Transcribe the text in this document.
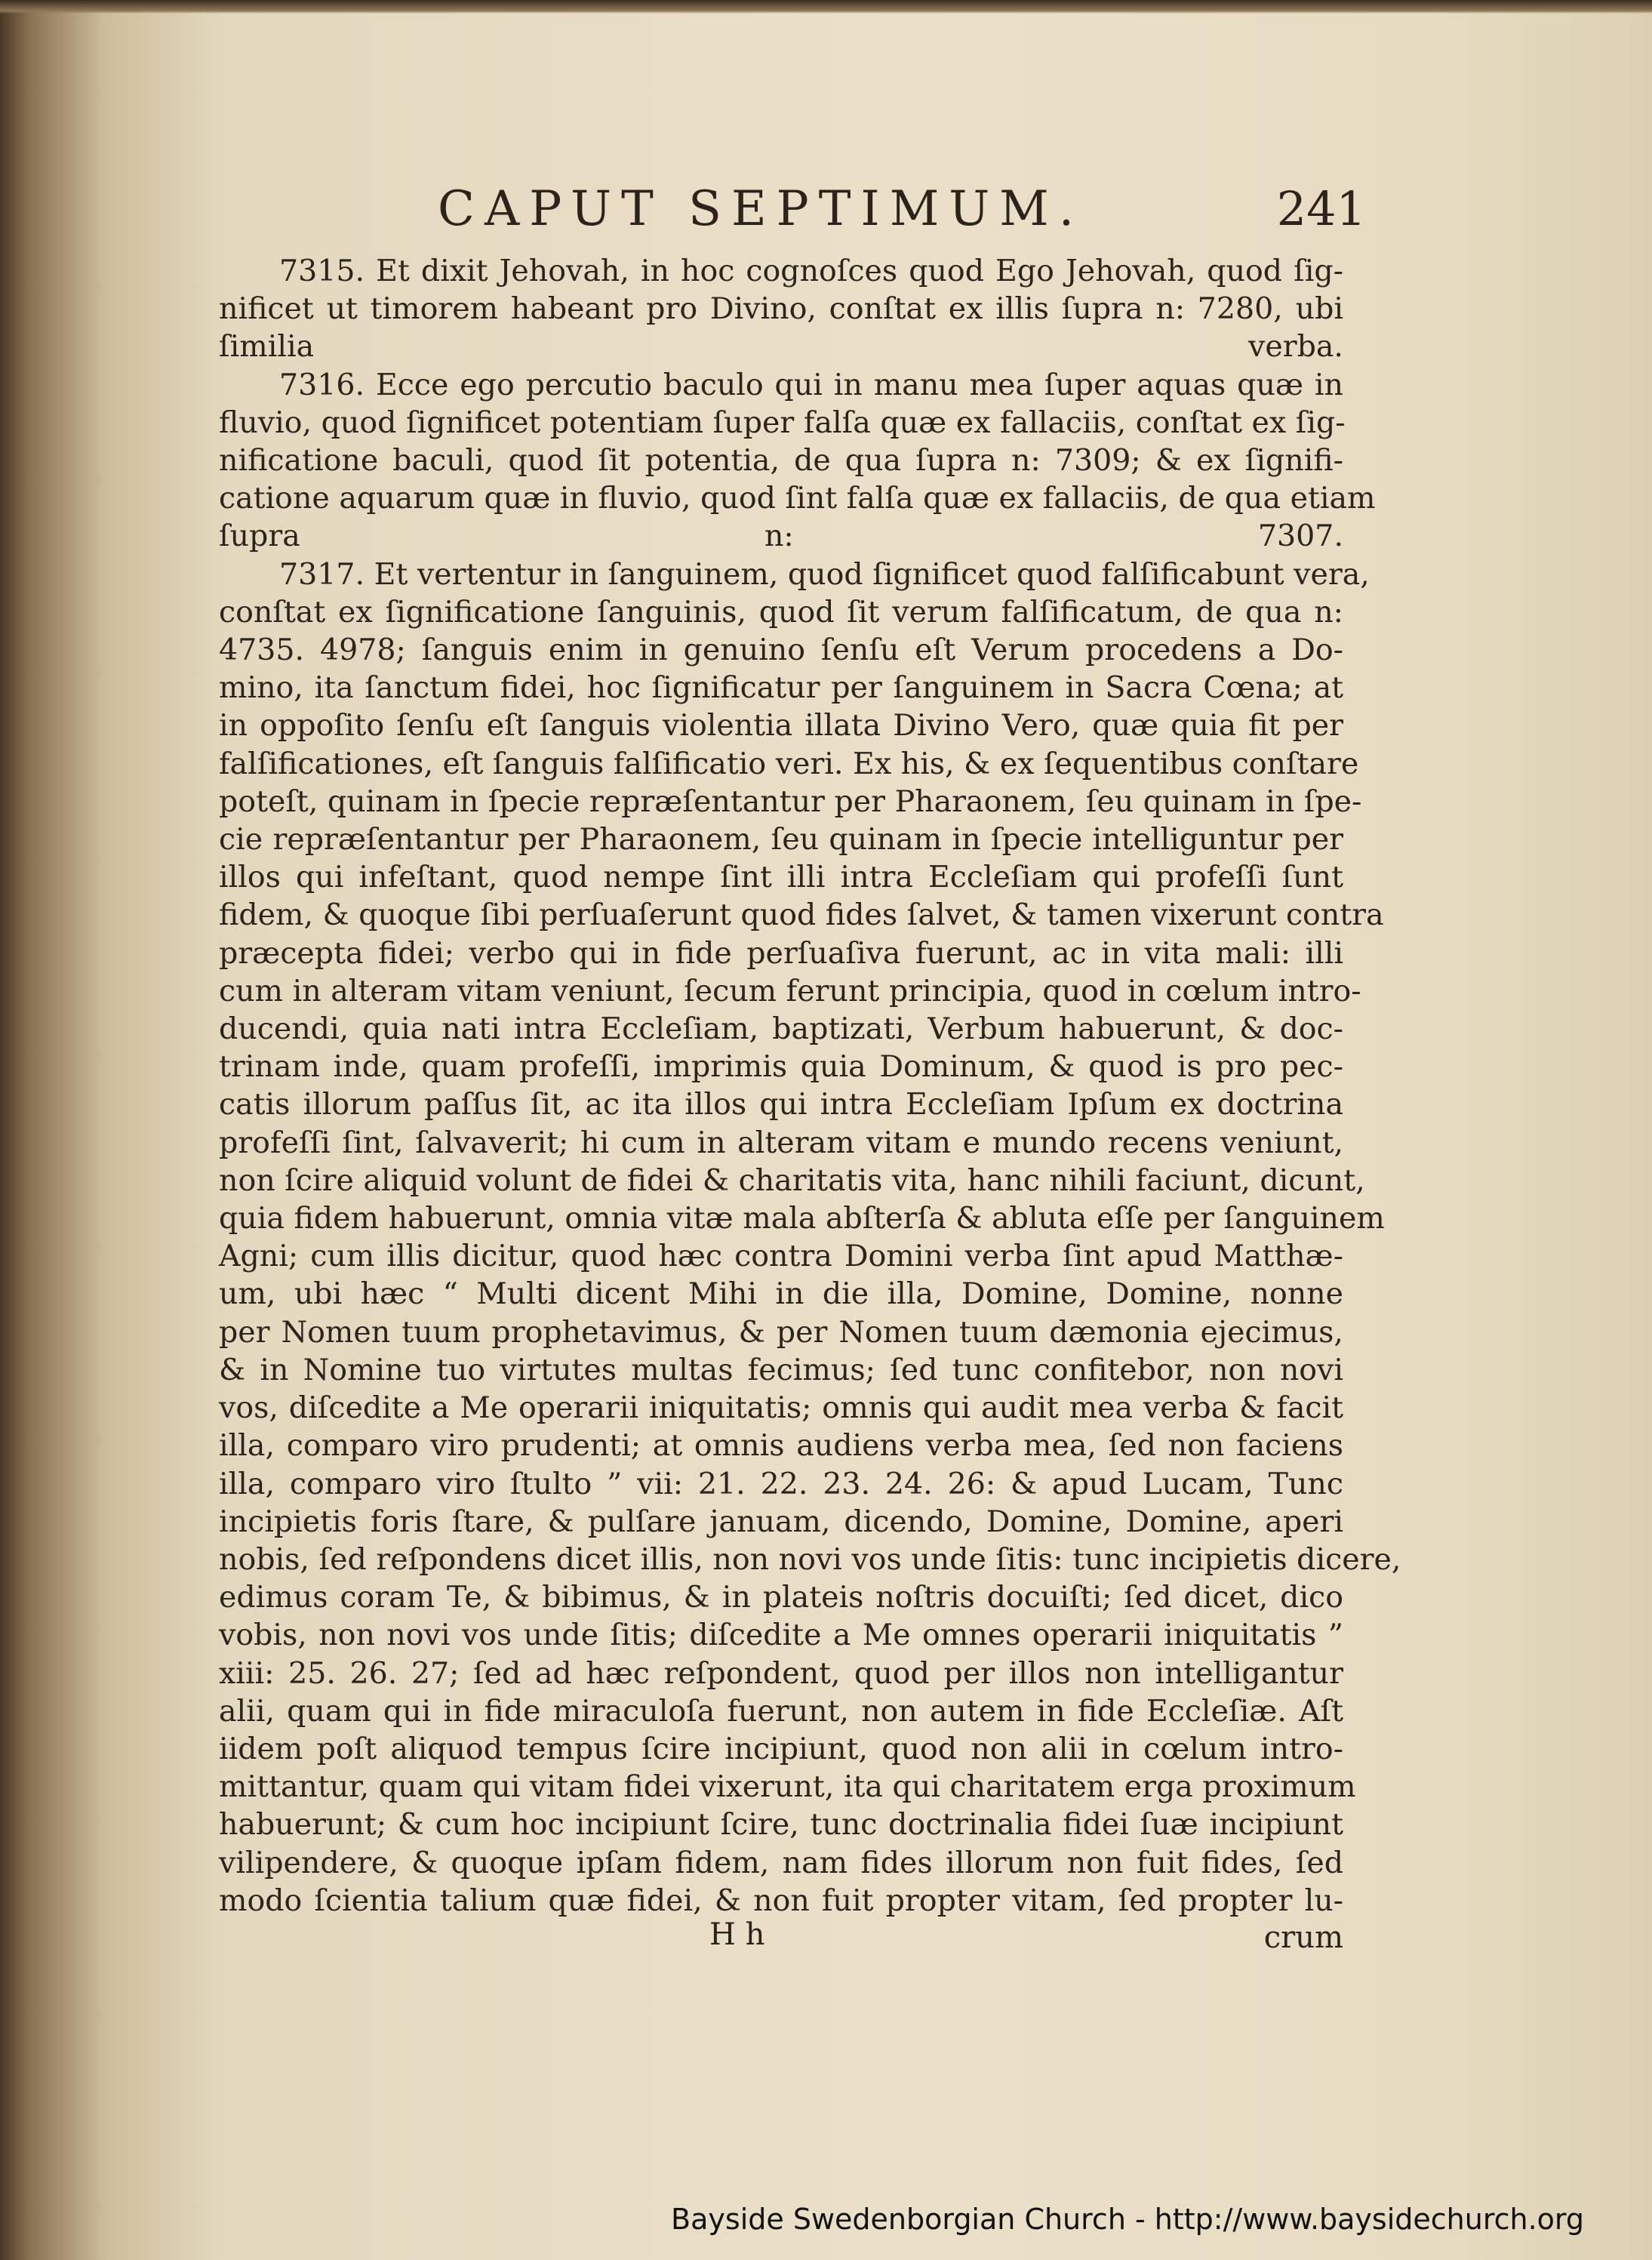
CAPUT SEPTIMUM.	241
7315. Et dixit Jehovah, in hoc cognoſces quod Ego Jehovah, quod ſig-
nificet ut timorem habeant pro Divino, conſtat ex illis ſupra n: 7280, ubi
ſimilia verba.
7316. Ecce ego percutio baculo qui in manu mea ſuper aquas quæ in
fluvio, quod ſignificet potentiam ſuper falſa quæ ex fallaciis, conſtat ex ſig-
nificatione baculi, quod ſit potentia, de qua ſupra n: 7309; & ex ſignifi-
catione aquarum quæ in fluvio, quod ſint falſa quæ ex fallaciis, de qua etiam
ſupra n: 7307.
7317. Et vertentur in ſanguinem, quod ſignificet quod falſificabunt vera,
conſtat ex ſignificatione ſanguinis, quod ſit verum falſificatum, de qua n:
4735. 4978; ſanguis enim in genuino ſenſu eſt Verum procedens a Do-
mino, ita ſanctum fidei, hoc ſignificatur per ſanguinem in Sacra Cœna; at
in oppoſito ſenſu eſt ſanguis violentia illata Divino Vero, quæ quia fit per
falſificationes, eſt ſanguis falſificatio veri. Ex his, & ex ſequentibus conſtare
poteſt, quinam in ſpecie repræſentantur per Pharaonem, ſeu quinam in ſpe-
cie repræſentantur per Pharaonem, ſeu quinam in ſpecie intelliguntur per
illos qui infeſtant, quod nempe ſint illi intra Eccleſiam qui profeſſi ſunt
fidem, & quoque ſibi perſuaſerunt quod fides ſalvet, & tamen vixerunt contra
præcepta fidei; verbo qui in fide perſuaſiva fuerunt, ac in vita mali: illi
cum in alteram vitam veniunt, ſecum ferunt principia, quod in cœlum intro-
ducendi, quia nati intra Eccleſiam, baptizati, Verbum habuerunt, & doc-
trinam inde, quam profeſſi, imprimis quia Dominum, & quod is pro pec-
catis illorum paſſus ſit, ac ita illos qui intra Eccleſiam Ipſum ex doctrina
profeſſi ſint, ſalvaverit; hi cum in alteram vitam e mundo recens veniunt,
non ſcire aliquid volunt de fidei & charitatis vita, hanc nihili faciunt, dicunt,
quia fidem habuerunt, omnia vitæ mala abſterſa & abluta eſſe per ſanguinem
Agni; cum illis dicitur, quod hæc contra Domini verba ſint apud Matthæ-
um, ubi hæc “ Multi dicent Mihi in die illa, Domine, Domine, nonne
per Nomen tuum prophetavimus, & per Nomen tuum dæmonia ejecimus,
& in Nomine tuo virtutes multas fecimus; ſed tunc confitebor, non novi
vos, diſcedite a Me operarii iniquitatis; omnis qui audit mea verba & facit
illa, comparo viro prudenti; at omnis audiens verba mea, ſed non faciens
illa, comparo viro ſtulto ” vii: 21. 22. 23. 24. 26: & apud Lucam, Tunc
incipietis foris ſtare, & pulſare januam, dicendo, Domine, Domine, aperi
nobis, ſed reſpondens dicet illis, non novi vos unde ſitis: tunc incipietis dicere,
edimus coram Te, & bibimus, & in plateis noſtris docuiſti; ſed dicet, dico
vobis, non novi vos unde ſitis; diſcedite a Me omnes operarii iniquitatis ”
xiii: 25. 26. 27; ſed ad hæc reſpondent, quod per illos non intelligantur
alii, quam qui in fide miraculoſa fuerunt, non autem in fide Eccleſiæ. Aſt
iidem poſt aliquod tempus ſcire incipiunt, quod non alii in cœlum intro-
mittantur, quam qui vitam fidei vixerunt, ita qui charitatem erga proximum
habuerunt; & cum hoc incipiunt ſcire, tunc doctrinalia fidei ſuæ incipiunt
vilipendere, & quoque ipſam fidem, nam fides illorum non fuit fides, ſed
modo ſcientia talium quæ fidei, & non fuit propter vitam, ſed propter lu-
H h	crum
Bayside Swedenborgian Church - http://www.baysidechurch.org
